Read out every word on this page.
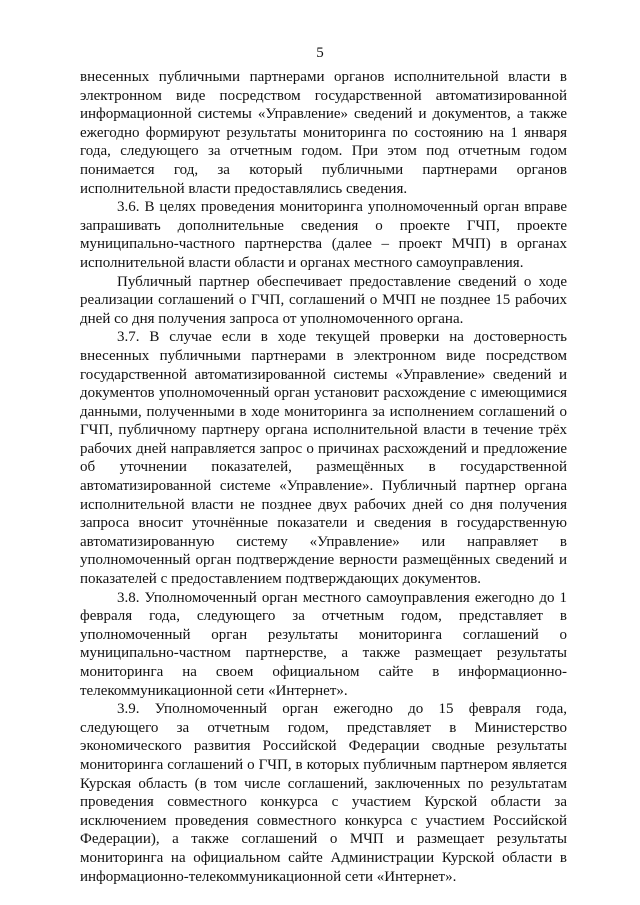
5

внесенных публичными партнерами органов исполнительной власти в электронном виде посредством государственной автоматизированной информационной системы «Управление» сведений и документов, а также ежегодно формируют результаты мониторинга по состоянию на 1 января года, следующего за отчетным годом. При этом под отчетным годом понимается год, за который публичными партнерами органов исполнительной власти предоставлялись сведения.

3.6. В целях проведения мониторинга уполномоченный орган вправе запрашивать дополнительные сведения о проекте ГЧП, проекте муниципально-частного партнерства (далее – проект МЧП) в органах исполнительной власти области и органах местного самоуправления.

Публичный партнер обеспечивает предоставление сведений о ходе реализации соглашений о ГЧП, соглашений о МЧП не позднее 15 рабочих дней со дня получения запроса от уполномоченного органа.

3.7. В случае если в ходе текущей проверки на достоверность внесенных публичными партнерами в электронном виде посредством государственной автоматизированной системы «Управление» сведений и документов уполномоченный орган установит расхождение с имеющимися данными, полученными в ходе мониторинга за исполнением соглашений о ГЧП, публичному партнеру органа исполнительной власти в течение трёх рабочих дней направляется запрос о причинах расхождений и предложение об уточнении показателей, размещённых в государственной автоматизированной системе «Управление». Публичный партнер органа исполнительной власти не позднее двух рабочих дней со дня получения запроса вносит уточнённые показатели и сведения в государственную автоматизированную систему «Управление» или направляет в уполномоченный орган подтверждение верности размещённых сведений и показателей с предоставлением подтверждающих документов.

3.8. Уполномоченный орган местного самоуправления ежегодно до 1 февраля года, следующего за отчетным годом, представляет в уполномоченный орган результаты мониторинга соглашений о муниципально-частном партнерстве, а также размещает результаты мониторинга на своем официальном сайте в информационно-телекоммуникационной сети «Интернет».

3.9. Уполномоченный орган ежегодно до 15 февраля года, следующего за отчетным годом, представляет в Министерство экономического развития Российской Федерации сводные результаты мониторинга соглашений о ГЧП, в которых публичным партнером является Курская область (в том числе соглашений, заключенных по результатам проведения совместного конкурса с участием Курской области за исключением проведения совместного конкурса с участием Российской Федерации), а также соглашений о МЧП и размещает результаты мониторинга на официальном сайте Администрации Курской области в информационно-телекоммуникационной сети «Интернет».
